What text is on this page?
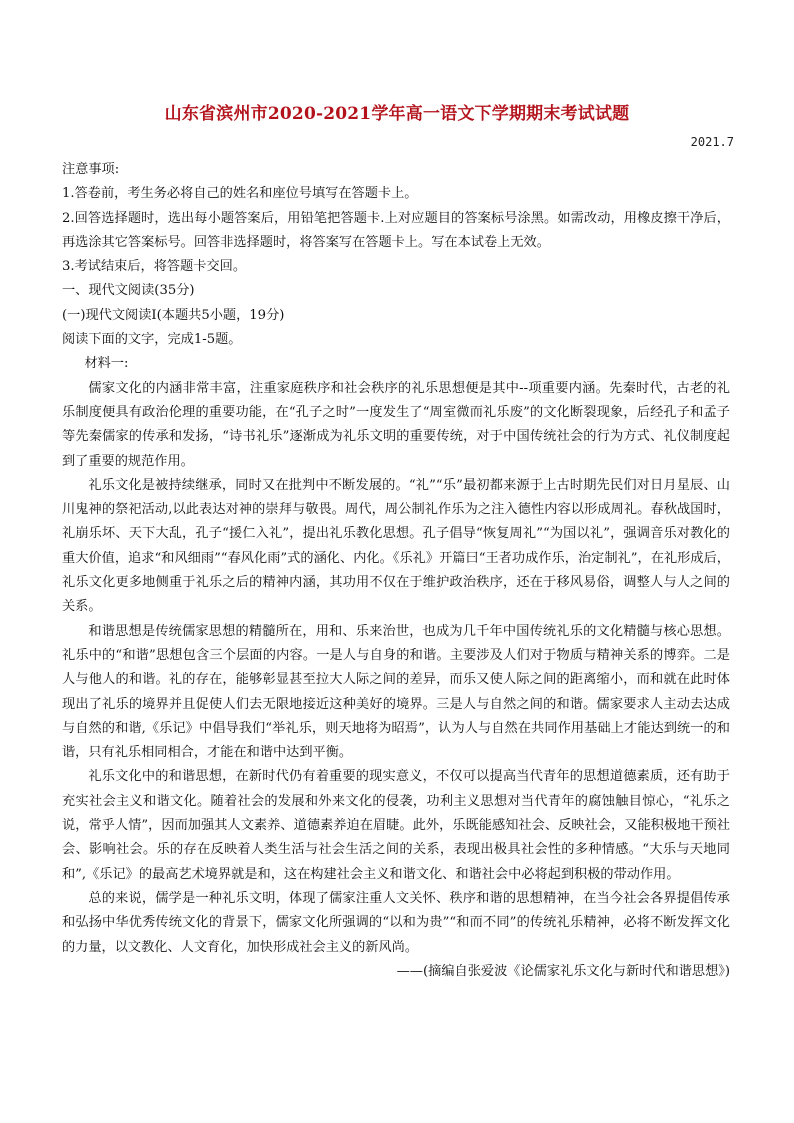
山东省滨州市2020-2021学年高一语文下学期期末考试试题
2021.7
注意事项:
1.答卷前，考生务必将自己的姓名和座位号填写在答题卡上。
2.回答选择题时，选出每小题答案后，用铅笔把答题卡.上对应题目的答案标号涂黑。如需改动，用橡皮擦干净后，再选涂其它答案标号。回答非选择题时，将答案写在答题卡上。写在本试卷上无效。
3.考试结束后，将答题卡交回。
一、现代文阅读(35分)
(一)现代文阅读Ⅰ(本题共5小题，19分)
阅读下面的文字，完成1-5题。
材料一:
儒家文化的内涵非常丰富，注重家庭秩序和社会秩序的礼乐思想便是其中--项重要内涵。先秦时代，古老的礼乐制度便具有政治伦理的重要功能，在“孔子之时”一度发生了“周室微而礼乐废”的文化断裂现象，后经孔子和孟子等先秦儒家的传承和发扬，“诗书礼乐”逐渐成为礼乐文明的重要传统，对于中国传统社会的行为方式、礼仪制度起到了重要的规范作用。
礼乐文化是被持续继承，同时又在批判中不断发展的。“礼”“乐”最初都来源于上古时期先民们对日月星辰、山川鬼神的祭祀活动,以此表达对神的崇拜与敬畏。周代，周公制礼作乐为之注入德性内容以形成周礼。春秋战国时，礼崩乐坏、天下大乱，孔子“援仁入礼”，提出礼乐教化思想。孔子倡导“恢复周礼”“为国以礼”，强调音乐对教化的重大价值，追求“和风细雨”“春风化雨”式的涵化、内化。《乐礼》开篇曰“王者功成作乐，治定制礼”，在礼形成后，礼乐文化更多地侧重于礼乐之后的精神内涵，其功用不仅在于维护政治秩序，还在于移风易俗，调整人与人之间的关系。
和谐思想是传统儒家思想的精髓所在，用和、乐来治世，也成为几千年中国传统礼乐的文化精髓与核心思想。礼乐中的“和谐”思想包含三个层面的内容。一是人与自身的和谐。主要涉及人们对于物质与精神关系的博弈。二是人与他人的和谐。礼的存在，能够彰显甚至拉大人际之间的差异，而乐又使人际之间的距离缩小，而和就在此时体现出了礼乐的境界并且促使人们去无限地接近这种美好的境界。三是人与自然之间的和谐。儒家要求人主动去达成与自然的和谐,《乐记》中倡导我们“举礼乐，则天地将为昭焉”，认为人与自然在共同作用基础上才能达到统一的和谐，只有礼乐相同相合，才能在和谐中达到平衡。
礼乐文化中的和谐思想，在新时代仍有着重要的现实意义，不仅可以提高当代青年的思想道德素质，还有助于充实社会主义和谐文化。随着社会的发展和外来文化的侵袭，功利主义思想对当代青年的腐蚀触目惊心，“礼乐之说，常乎人情”，因而加强其人文素养、道德素养迫在眉睫。此外，乐既能感知社会、反映社会，又能积极地干预社会、影响社会。乐的存在反映着人类生活与社会生活之间的关系，表现出极具社会性的多种情感。“大乐与天地同和”,《乐记》的最高艺术境界就是和，这在构建社会主义和谐文化、和谐社会中必将起到积极的带动作用。
总的来说，儒学是一种礼乐文明，体现了儒家注重人文关怀、秩序和谐的思想精神，在当今社会各界提倡传承和弘扬中华优秀传统文化的背景下，儒家文化所强调的“以和为贵”“和而不同”的传统礼乐精神，必将不断发挥文化的力量，以文教化、人文育化，加快形成社会主义的新风尚。
——(摘编自张爱波《论儒家礼乐文化与新时代和谐思想》)
